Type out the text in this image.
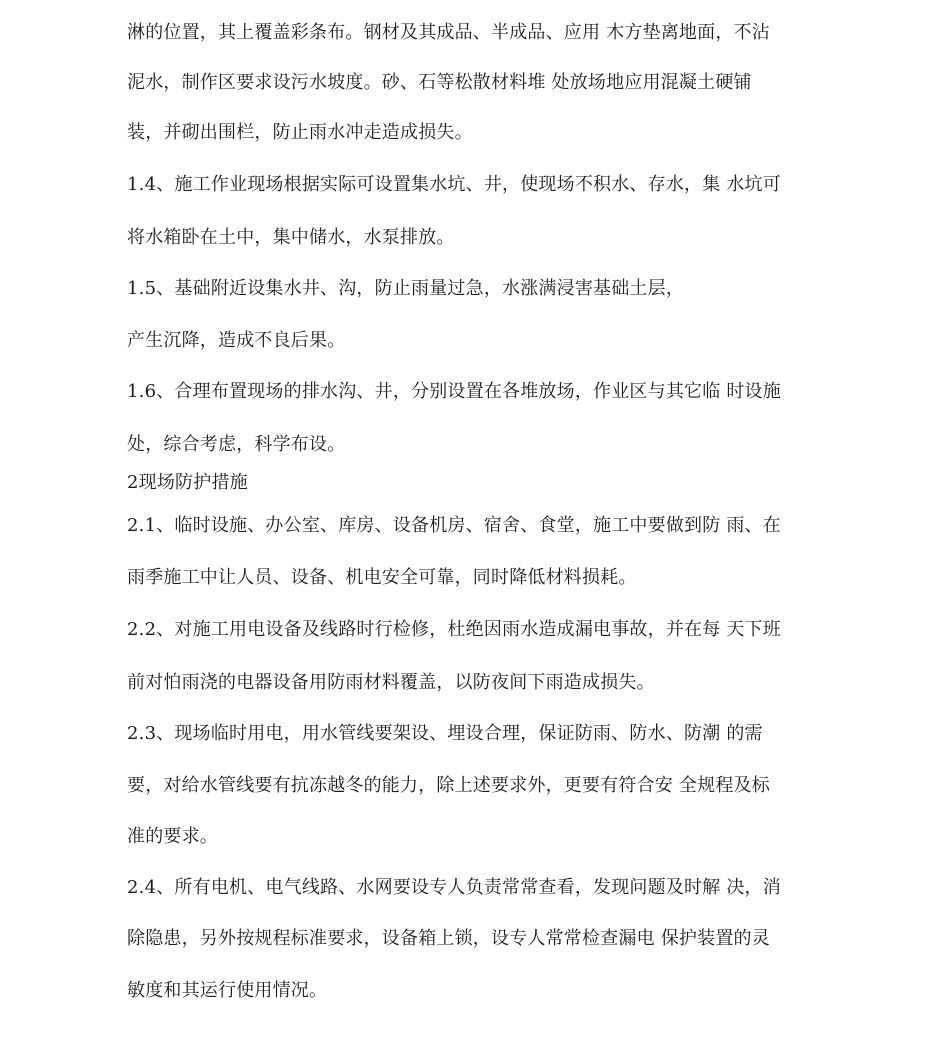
淋的位置，其上覆盖彩条布。钢材及其成品、半成品、应用 木方垫离地面，不沾
泥水，制作区要求设污水坡度。砂、石等松散材料堆 处放场地应用混凝土硬铺
装，并砌出围栏，防止雨水冲走造成损失。
1.4、施工作业现场根据实际可设置集水坑、井，使现场不积水、存水，集 水坑可
将水箱卧在土中，集中储水，水泵排放。
1.5、基础附近设集水井、沟，防止雨量过急，水涨满浸害基础土层，
产生沉降，造成不良后果。
1.6、合理布置现场的排水沟、井，分别设置在各堆放场，作业区与其它临 时设施
处，综合考虑，科学布设。
2现场防护措施
2.1、临时设施、办公室、库房、设备机房、宿舍、食堂，施工中要做到防 雨、在
雨季施工中让人员、设备、机电安全可靠，同时降低材料损耗。
2.2、对施工用电设备及线路时行检修，杜绝因雨水造成漏电事故，并在每 天下班
前对怕雨浇的电器设备用防雨材料覆盖，以防夜间下雨造成损失。
2.3、现场临时用电，用水管线要架设、埋设合理，保证防雨、防水、防潮 的需
要，对给水管线要有抗冻越冬的能力，除上述要求外，更要有符合安 全规程及标
准的要求。
2.4、所有电机、电气线路、水网要设专人负责常常查看，发现问题及时解 决，消
除隐患，另外按规程标准要求，设备箱上锁，设专人常常检查漏电 保护装置的灵
敏度和其运行使用情况。
